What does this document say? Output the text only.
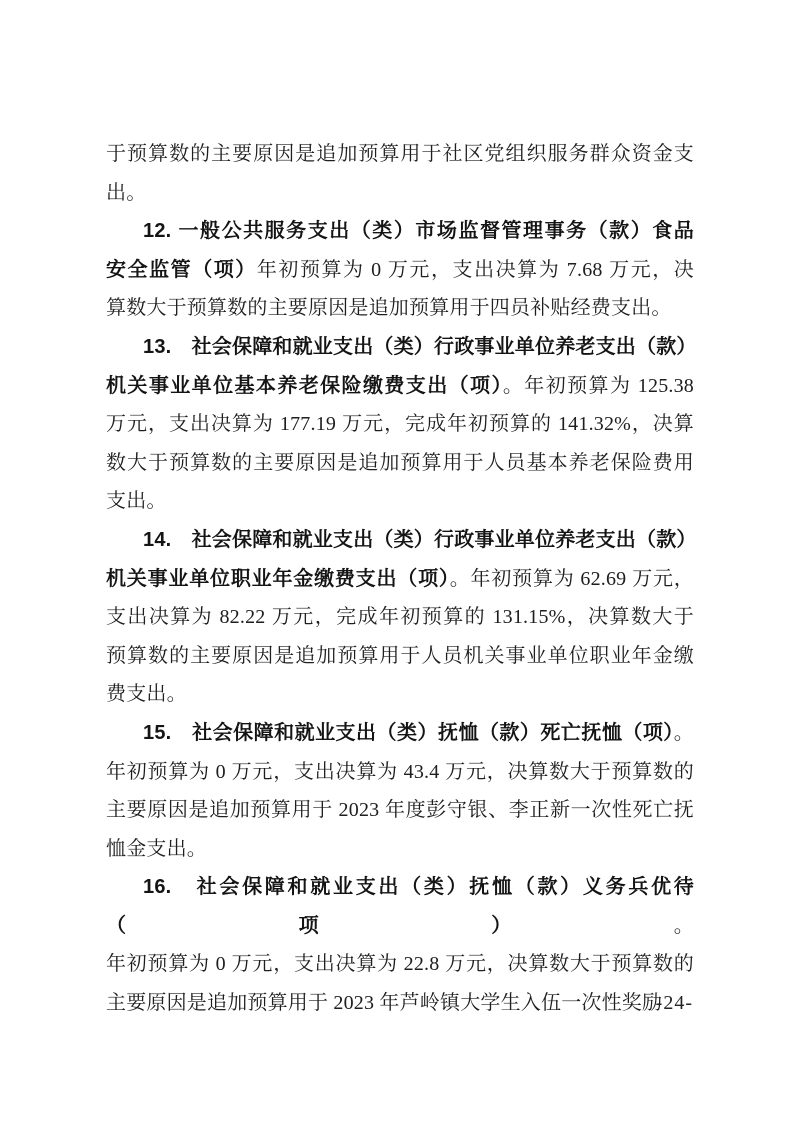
于预算数的主要原因是追加预算用于社区党组织服务群众资金支
出。
12. 一般公共服务支出（类）市场监督管理事务（款）食品
安全监管（项）年初预算为 0 万元，支出决算为 7.68 万元，决
算数大于预算数的主要原因是追加预算用于四员补贴经费支出。
13.　社会保障和就业支出（类）行政事业单位养老支出（款）
机关事业单位基本养老保险缴费支出（项）。年初预算为 125.38
万元，支出决算为 177.19 万元，完成年初预算的 141.32%，决算
数大于预算数的主要原因是追加预算用于人员基本养老保险费用
支出。
14.　社会保障和就业支出（类）行政事业单位养老支出（款）
机关事业单位职业年金缴费支出（项）。年初预算为 62.69 万元，
支出决算为 82.22 万元，完成年初预算的 131.15%，决算数大于
预算数的主要原因是追加预算用于人员机关事业单位职业年金缴
费支出。
15.　社会保障和就业支出（类）抚恤（款）死亡抚恤（项）。
年初预算为 0 万元，支出决算为 43.4 万元，决算数大于预算数的
主要原因是追加预算用于 2023 年度彭守银、李正新一次性死亡抚
恤金支出。
16.　社会保障和就业支出（类）抚恤（款）义务兵优待（项）。
年初预算为 0 万元，支出决算为 22.8 万元，决算数大于预算数的
主要原因是追加预算用于 2023 年芦岭镇大学生入伍一次性奖励
-24-
